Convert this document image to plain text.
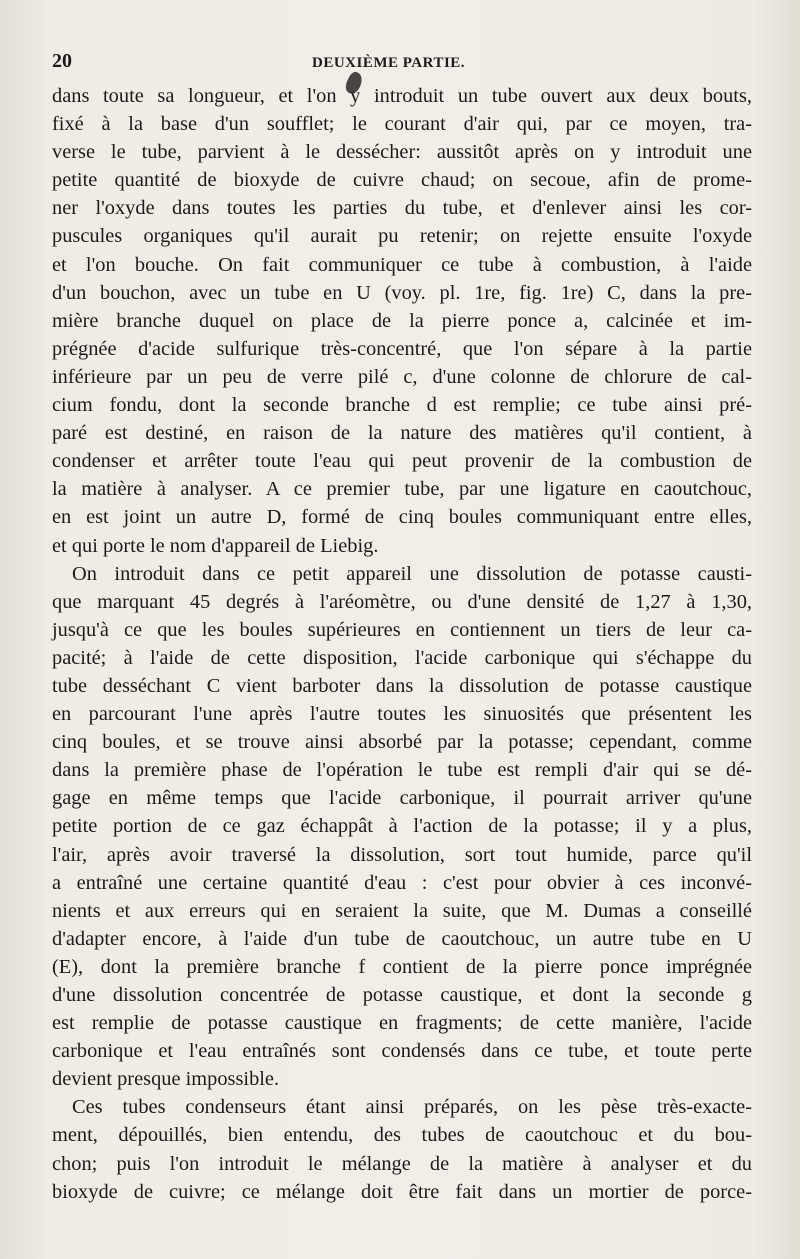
20	DEUXIÈME PARTIE.
dans toute sa longueur, et l'on y introduit un tube ouvert aux deux bouts,
fixé à la base d'un soufflet; le courant d'air qui, par ce moyen, tra-
verse le tube, parvient à le dessécher: aussitôt après on y introduit une
petite quantité de bioxyde de cuivre chaud; on secoue, afin de prome-
ner l'oxyde dans toutes les parties du tube, et d'enlever ainsi les cor-
puscules organiques qu'il aurait pu retenir; on rejette ensuite l'oxyde
et l'on bouche. On fait communiquer ce tube à combustion, à l'aide
d'un bouchon, avec un tube en U (voy. pl. 1re, fig. 1re) C, dans la pre-
mière branche duquel on place de la pierre ponce a, calcinée et im-
prégnée d'acide sulfurique très-concentré, que l'on sépare à la partie
inférieure par un peu de verre pilé c, d'une colonne de chlorure de cal-
cium fondu, dont la seconde branche d est remplie; ce tube ainsi pré-
paré est destiné, en raison de la nature des matières qu'il contient, à
condenser et arrêter toute l'eau qui peut provenir de la combustion de
la matière à analyser. A ce premier tube, par une ligature en caoutchouc,
en est joint un autre D, formé de cinq boules communiquant entre elles,
et qui porte le nom d'appareil de Liebig.
On introduit dans ce petit appareil une dissolution de potasse causti-
que marquant 45 degrés à l'aréomètre, ou d'une densité de 1,27 à 1,30,
jusqu'à ce que les boules supérieures en contiennent un tiers de leur ca-
pacité; à l'aide de cette disposition, l'acide carbonique qui s'échappe du
tube desséchant C vient barboter dans la dissolution de potasse caustique
en parcourant l'une après l'autre toutes les sinuosités que présentent les
cinq boules, et se trouve ainsi absorbé par la potasse; cependant, comme
dans la première phase de l'opération le tube est rempli d'air qui se dé-
gage en même temps que l'acide carbonique, il pourrait arriver qu'une
petite portion de ce gaz échappât à l'action de la potasse; il y a plus,
l'air, après avoir traversé la dissolution, sort tout humide, parce qu'il
a entraîné une certaine quantité d'eau : c'est pour obvier à ces inconvé-
nients et aux erreurs qui en seraient la suite, que M. Dumas a conseillé
d'adapter encore, à l'aide d'un tube de caoutchouc, un autre tube en U
(E), dont la première branche f contient de la pierre ponce imprégnée
d'une dissolution concentrée de potasse caustique, et dont la seconde g
est remplie de potasse caustique en fragments; de cette manière, l'acide
carbonique et l'eau entraînés sont condensés dans ce tube, et toute perte
devient presque impossible.
Ces tubes condenseurs étant ainsi préparés, on les pèse très-exacte-
ment, dépouillés, bien entendu, des tubes de caoutchouc et du bou-
chon; puis l'on introduit le mélange de la matière à analyser et du
bioxyde de cuivre; ce mélange doit être fait dans un mortier de porce-
